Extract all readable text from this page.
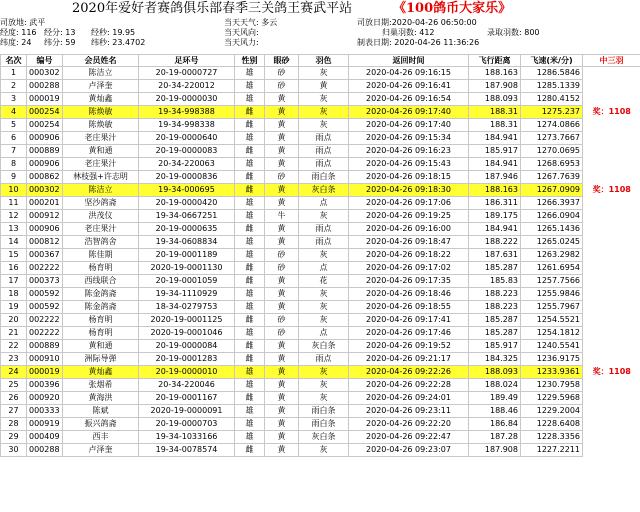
2020年爱好者赛鸽俱乐部春季三关鸽王赛武平站	《100鸽币大家乐》
司放地: 武平	当天天气: 多云	司放日期:2020-04-26 06:50:00
经度: 116 经分: 13 经秒: 19.95	当天风向:	归巢羽数: 412	录取羽数: 800
纬度: 24 纬分: 59 纬秒: 23.4702	当天风力:	制表日期: 2020-04-26 11:36:26
名次	编号	会员姓名	足环号	性别	眼砂	羽色	返回时间	飞行距离	飞速(米/分)	中三羽
1	000302	陈洁立	20-19-0000727	雄	砂	灰	2020-04-26 09:16:15	188.163	1286.5846	
2	000288	卢泽奎	20-34-220012	雄	砂	黄	2020-04-26 09:16:41	187.908	1285.1339	
3	000019	黄灿鑫	20-19-0000030	雄	黄	灰	2020-04-26 09:16:54	188.093	1280.4152	
4	000254	陈焕敏	19-34-998388	雌	黄	灰	2020-04-26 09:17:40	188.31	1275.237	奖：1108
5	000254	陈焕敏	19-34-998338	雌	黄	灰	2020-04-26 09:17:40	188.31	1274.0866	
6	000906	老庄果汁	20-19-0000640	雄	黄	雨点	2020-04-26 09:15:34	184.941	1273.7667	
7	000889	黄和通	20-19-0000083	雌	黄	雨点	2020-04-26 09:16:23	185.917	1270.0695	
8	000906	老庄果汁	20-34-220063	雄	黄	雨点	2020-04-26 09:15:43	184.941	1268.6953	
9	000862	林枝强+许志明	20-19-0000836	雌	砂	雨白条	2020-04-26 09:18:15	187.946	1267.7639	
10	000302	陈洁立	19-34-000695	雌	黄	灰白条	2020-04-26 09:18:30	188.163	1267.0909	奖：1108
11	000201	坚沙鸽斋	20-19-0000420	雄	黄	点	2020-04-26 09:17:06	186.311	1266.3937	
12	000912	洪茂仪	19-34-0667251	雄	牛	灰	2020-04-26 09:19:25	189.175	1266.0904	
13	000906	老庄果汁	20-19-0000635	雌	黄	雨点	2020-04-26 09:16:00	184.941	1265.1436	
14	000812	浩智鸽舍	19-34-0608834	雄	黄	雨点	2020-04-26 09:18:47	188.222	1265.0245	
15	000367	陈佳期	20-19-0001189	雄	砂	灰	2020-04-26 09:18:22	187.631	1263.2982	
16	002222	杨育明	2020-19-0001130	雌	砂	点	2020-04-26 09:17:02	185.287	1261.6954	
17	000373	西线联合	20-19-0001059	雌	黄	花	2020-04-26 09:17:35	185.83	1257.7566	
18	000592	陈金鸽斋	19-34-1110929	雄	黄	灰	2020-04-26 09:18:46	188.223	1255.9846	
19	000592	陈金鸽斋	18-34-0279753	雄	黄	灰	2020-04-26 09:18:55	188.223	1255.7967	
20	002222	杨育明	2020-19-0001125	雌	砂	灰	2020-04-26 09:17:41	185.287	1254.5521	
21	002222	杨育明	2020-19-0001046	雄	砂	点	2020-04-26 09:17:46	185.287	1254.1812	
22	000889	黄和通	20-19-0000084	雌	黄	灰白条	2020-04-26 09:19:52	185.917	1240.5541	
23	000910	洲际导弹	20-19-0001283	雌	黄	雨点	2020-04-26 09:21:17	184.325	1236.9175	
24	000019	黄灿鑫	20-19-0000010	雄	黄	灰	2020-04-26 09:22:26	188.093	1233.9361	奖：1108
25	000396	张烟希	20-34-220046	雄	黄	灰	2020-04-26 09:22:28	188.024	1230.7958	
26	000920	黄海洪	20-19-0001167	雌	黄	灰	2020-04-26 09:24:01	189.49	1229.5968	
27	000333	陈斌	2020-19-0000091	雄	黄	雨白条	2020-04-26 09:23:11	188.46	1229.2004	
28	000919	振兴鸽斋	20-19-0000703	雄	黄	雨白条	2020-04-26 09:22:20	186.84	1228.6408	
29	000409	西丰	19-34-1033166	雄	黄	灰白条	2020-04-26 09:22:47	187.28	1228.3356	
30	000288	卢泽奎	19-34-0078574	雌	黄	灰	2020-04-26 09:23:07	187.908	1227.2211	
